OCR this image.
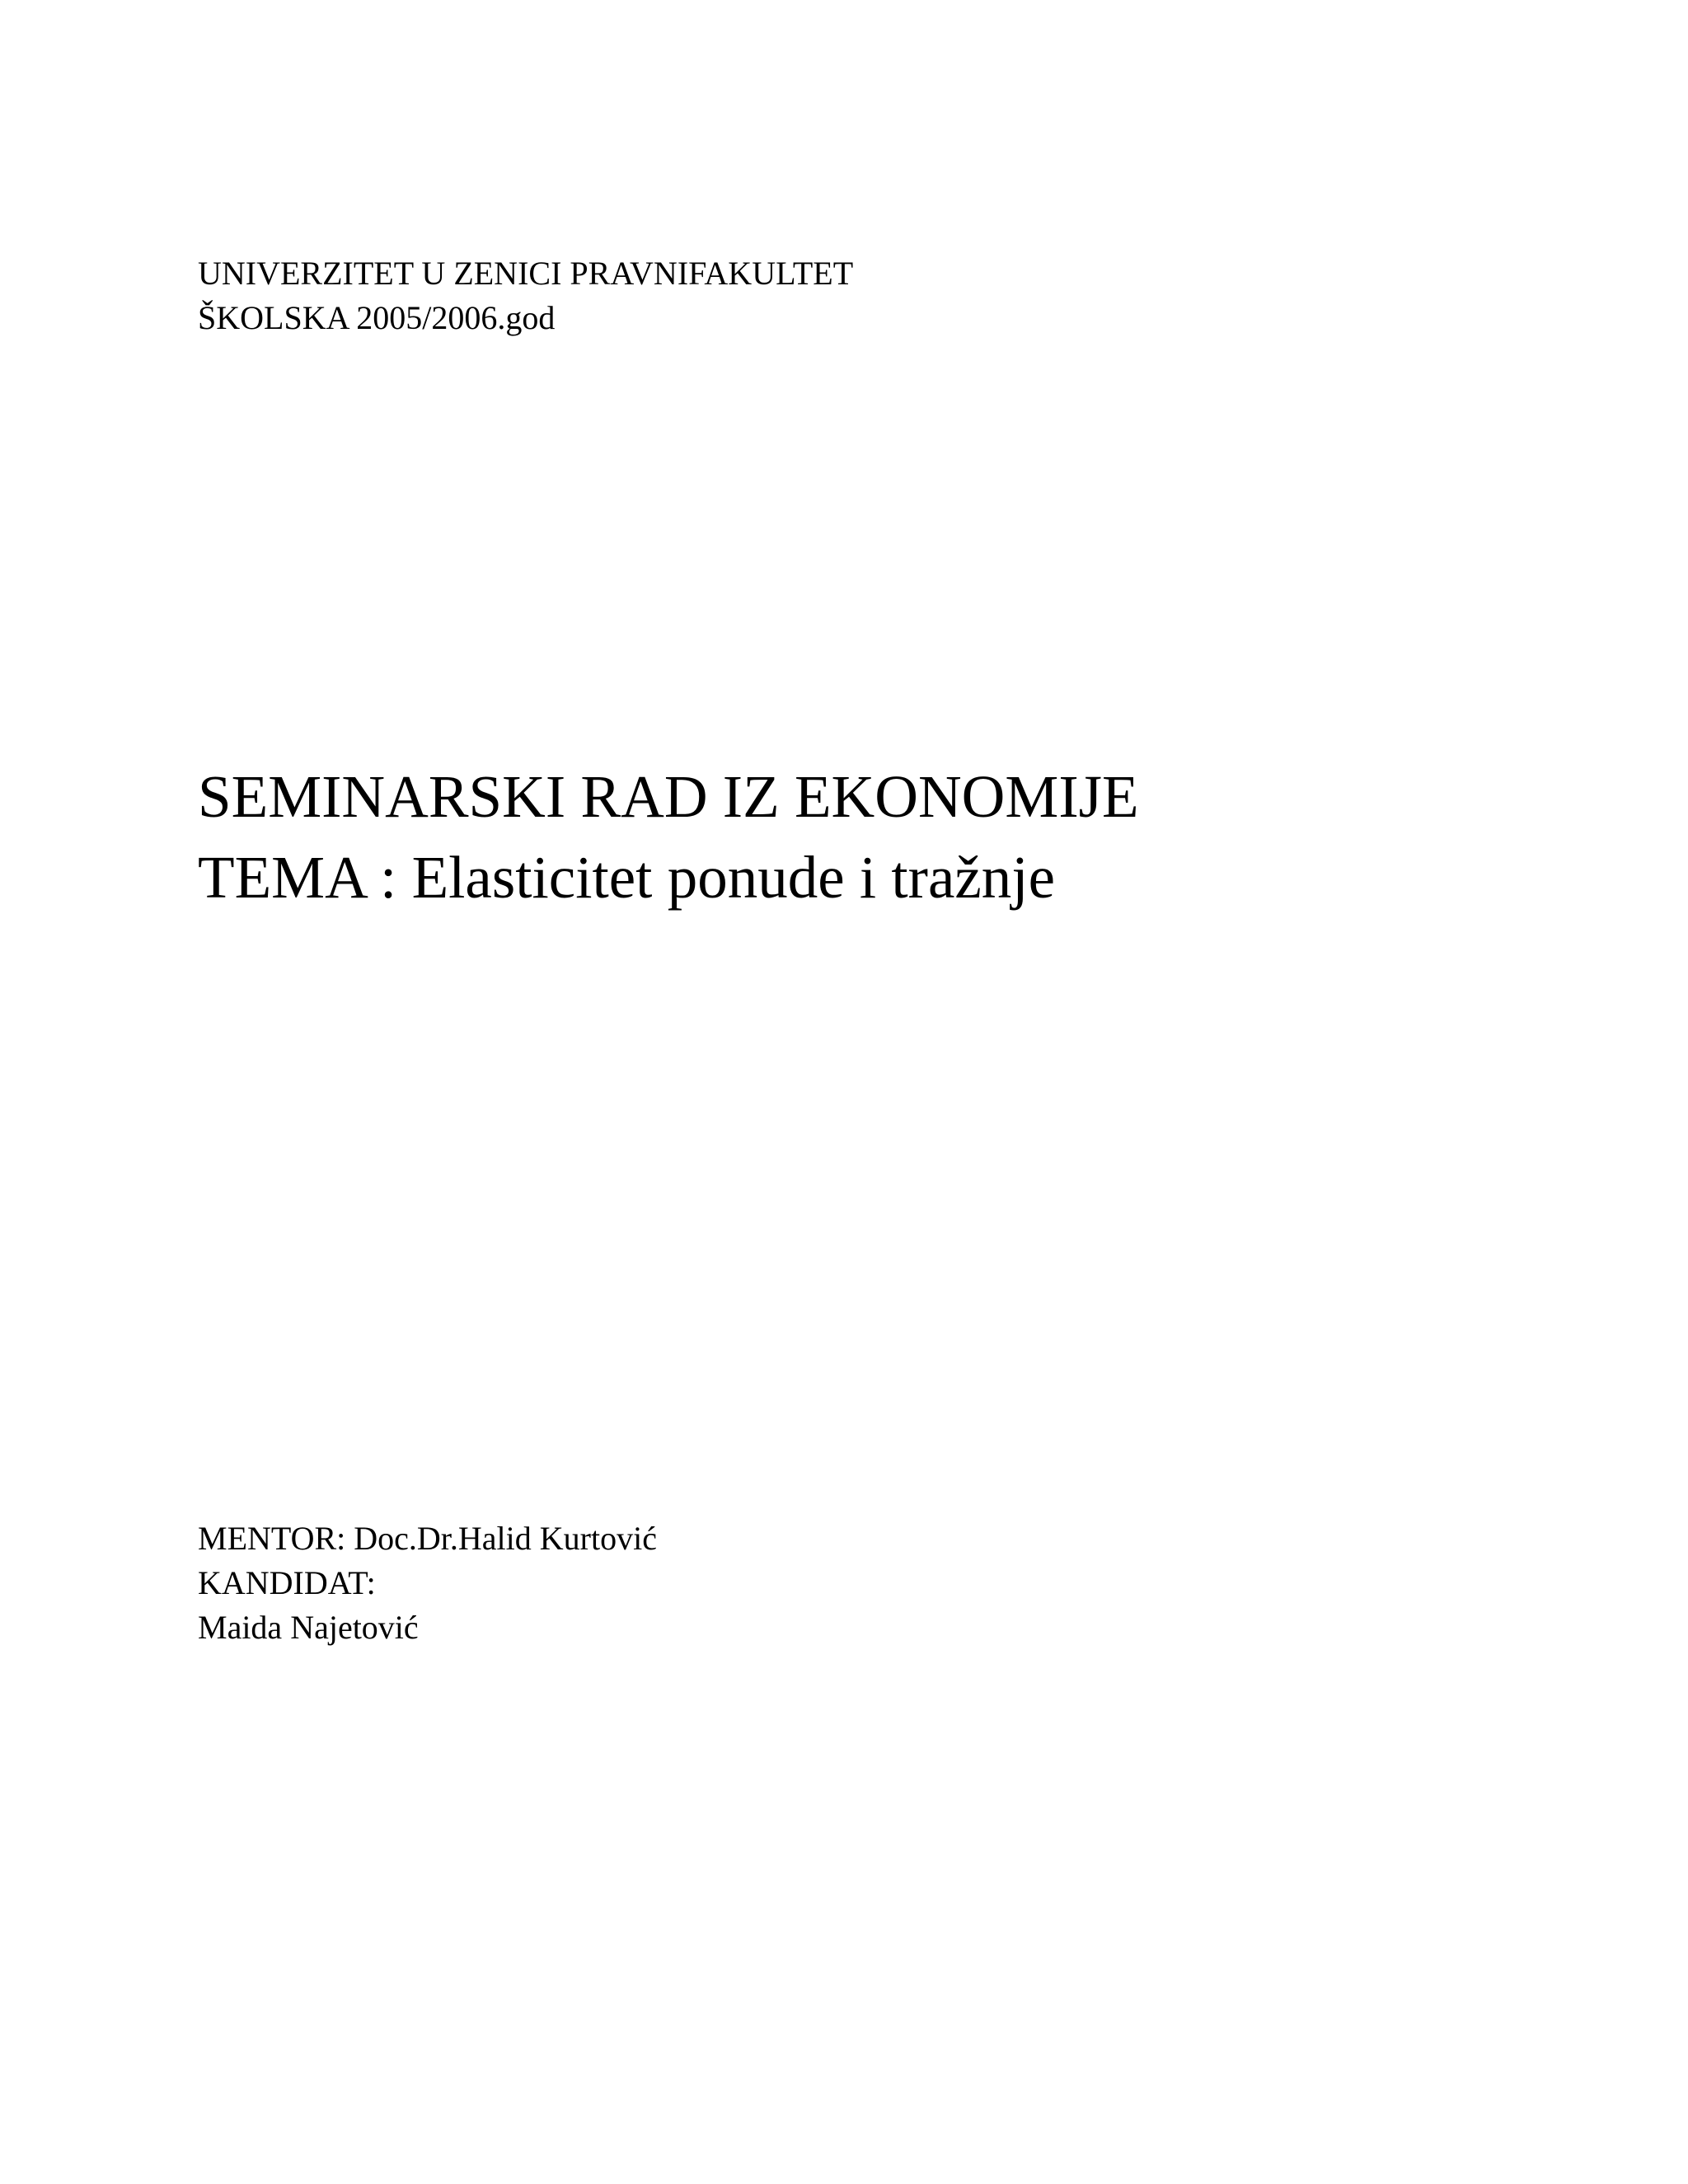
UNIVERZITET U ZENICI PRAVNIFAKULTET
ŠKOLSKA 2005/2006.god
SEMINARSKI RAD IZ EKONOMIJE
TEMA : Elasticitet ponude i tražnje
MENTOR: Doc.Dr.Halid Kurtović
KANDIDAT:
Maida Najetović
